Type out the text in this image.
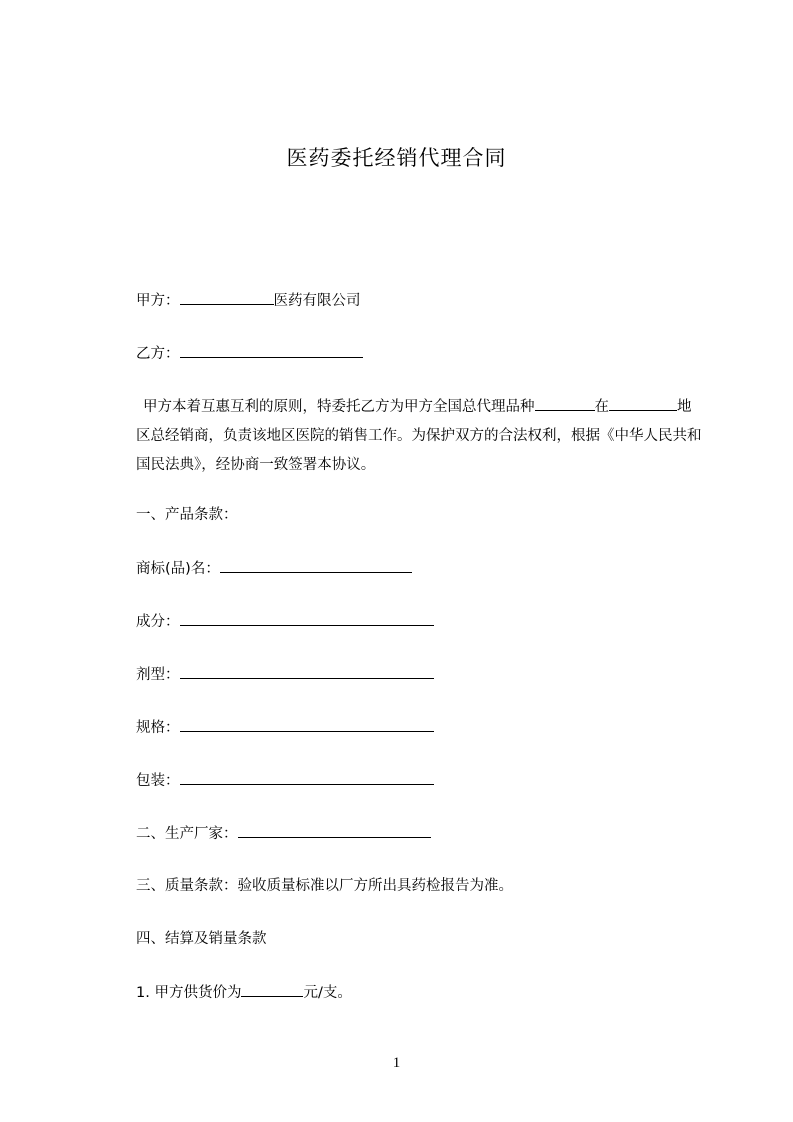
医药委托经销代理合同
甲方：	医药有限公司
乙方：
甲方本着互惠互利的原则，特委托乙方为甲方全国总代理品种	在	地区总经销商，负责该地区医院的销售工作。为保护双方的合法权利，根据《中华人民共和国民法典》，经协商一致签署本协议。
一、产品条款：
商标(品)名：
成分：
剂型：
规格：
包装：
二、生产厂家：
三、质量条款：验收质量标准以厂方所出具药检报告为准。
四、结算及销量条款
1. 甲方供货价为	元/支。
1
